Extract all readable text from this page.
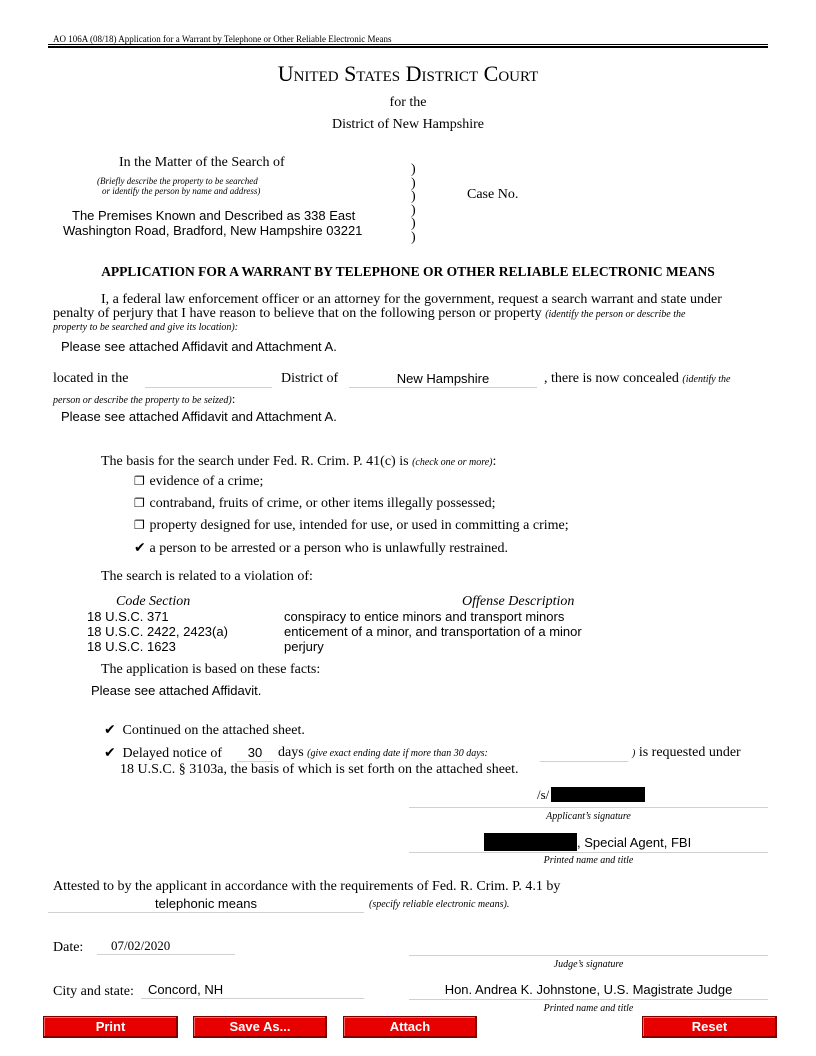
AO 106A (08/18) Application for a Warrant by Telephone or Other Reliable Electronic Means
United States District Court
for the
District of New Hampshire
In the Matter of the Search of
(Briefly describe the property to be searched
or identify the person by name and address)
The Premises Known and Described as 338 East
Washington Road, Bradford, New Hampshire 03221
)
)
)
)
)
)
Case No.
APPLICATION FOR A WARRANT BY TELEPHONE OR OTHER RELIABLE ELECTRONIC MEANS
I, a federal law enforcement officer or an attorney for the government, request a search warrant and state under
penalty of perjury that I have reason to believe that on the following person or property (identify the person or describe the
property to be searched and give its location):
Please see attached Affidavit and Attachment A.
located in the	District of	New Hampshire	, there is now concealed (identify the
person or describe the property to be seized):
Please see attached Affidavit and Attachment A.
The basis for the search under Fed. R. Crim. P. 41(c) is (check one or more):
❐ evidence of a crime;
❐ contraband, fruits of crime, or other items illegally possessed;
❐ property designed for use, intended for use, or used in committing a crime;
✔ a person to be arrested or a person who is unlawfully restrained.
The search is related to a violation of:
Code Section	Offense Description
18 U.S.C. 371	conspiracy to entice minors and transport minors
18 U.S.C. 2422, 2423(a)	enticement of a minor, and transportation of a minor
18 U.S.C. 1623	perjury
The application is based on these facts:
Please see attached Affidavit.
✔ Continued on the attached sheet.
✔ Delayed notice of	30	days (give exact ending date if more than 30 days:	) is requested under
18 U.S.C. § 3103a, the basis of which is set forth on the attached sheet.
/s/
Applicant’s signature
, Special Agent, FBI
Printed name and title
Attested to by the applicant in accordance with the requirements of Fed. R. Crim. P. 4.1 by
telephonic means	(specify reliable electronic means).
Date:	07/02/2020
Judge’s signature
City and state:	Concord, NH	Hon. Andrea K. Johnstone, U.S. Magistrate Judge
Printed name and title
Print	Save As...	Attach	Reset
